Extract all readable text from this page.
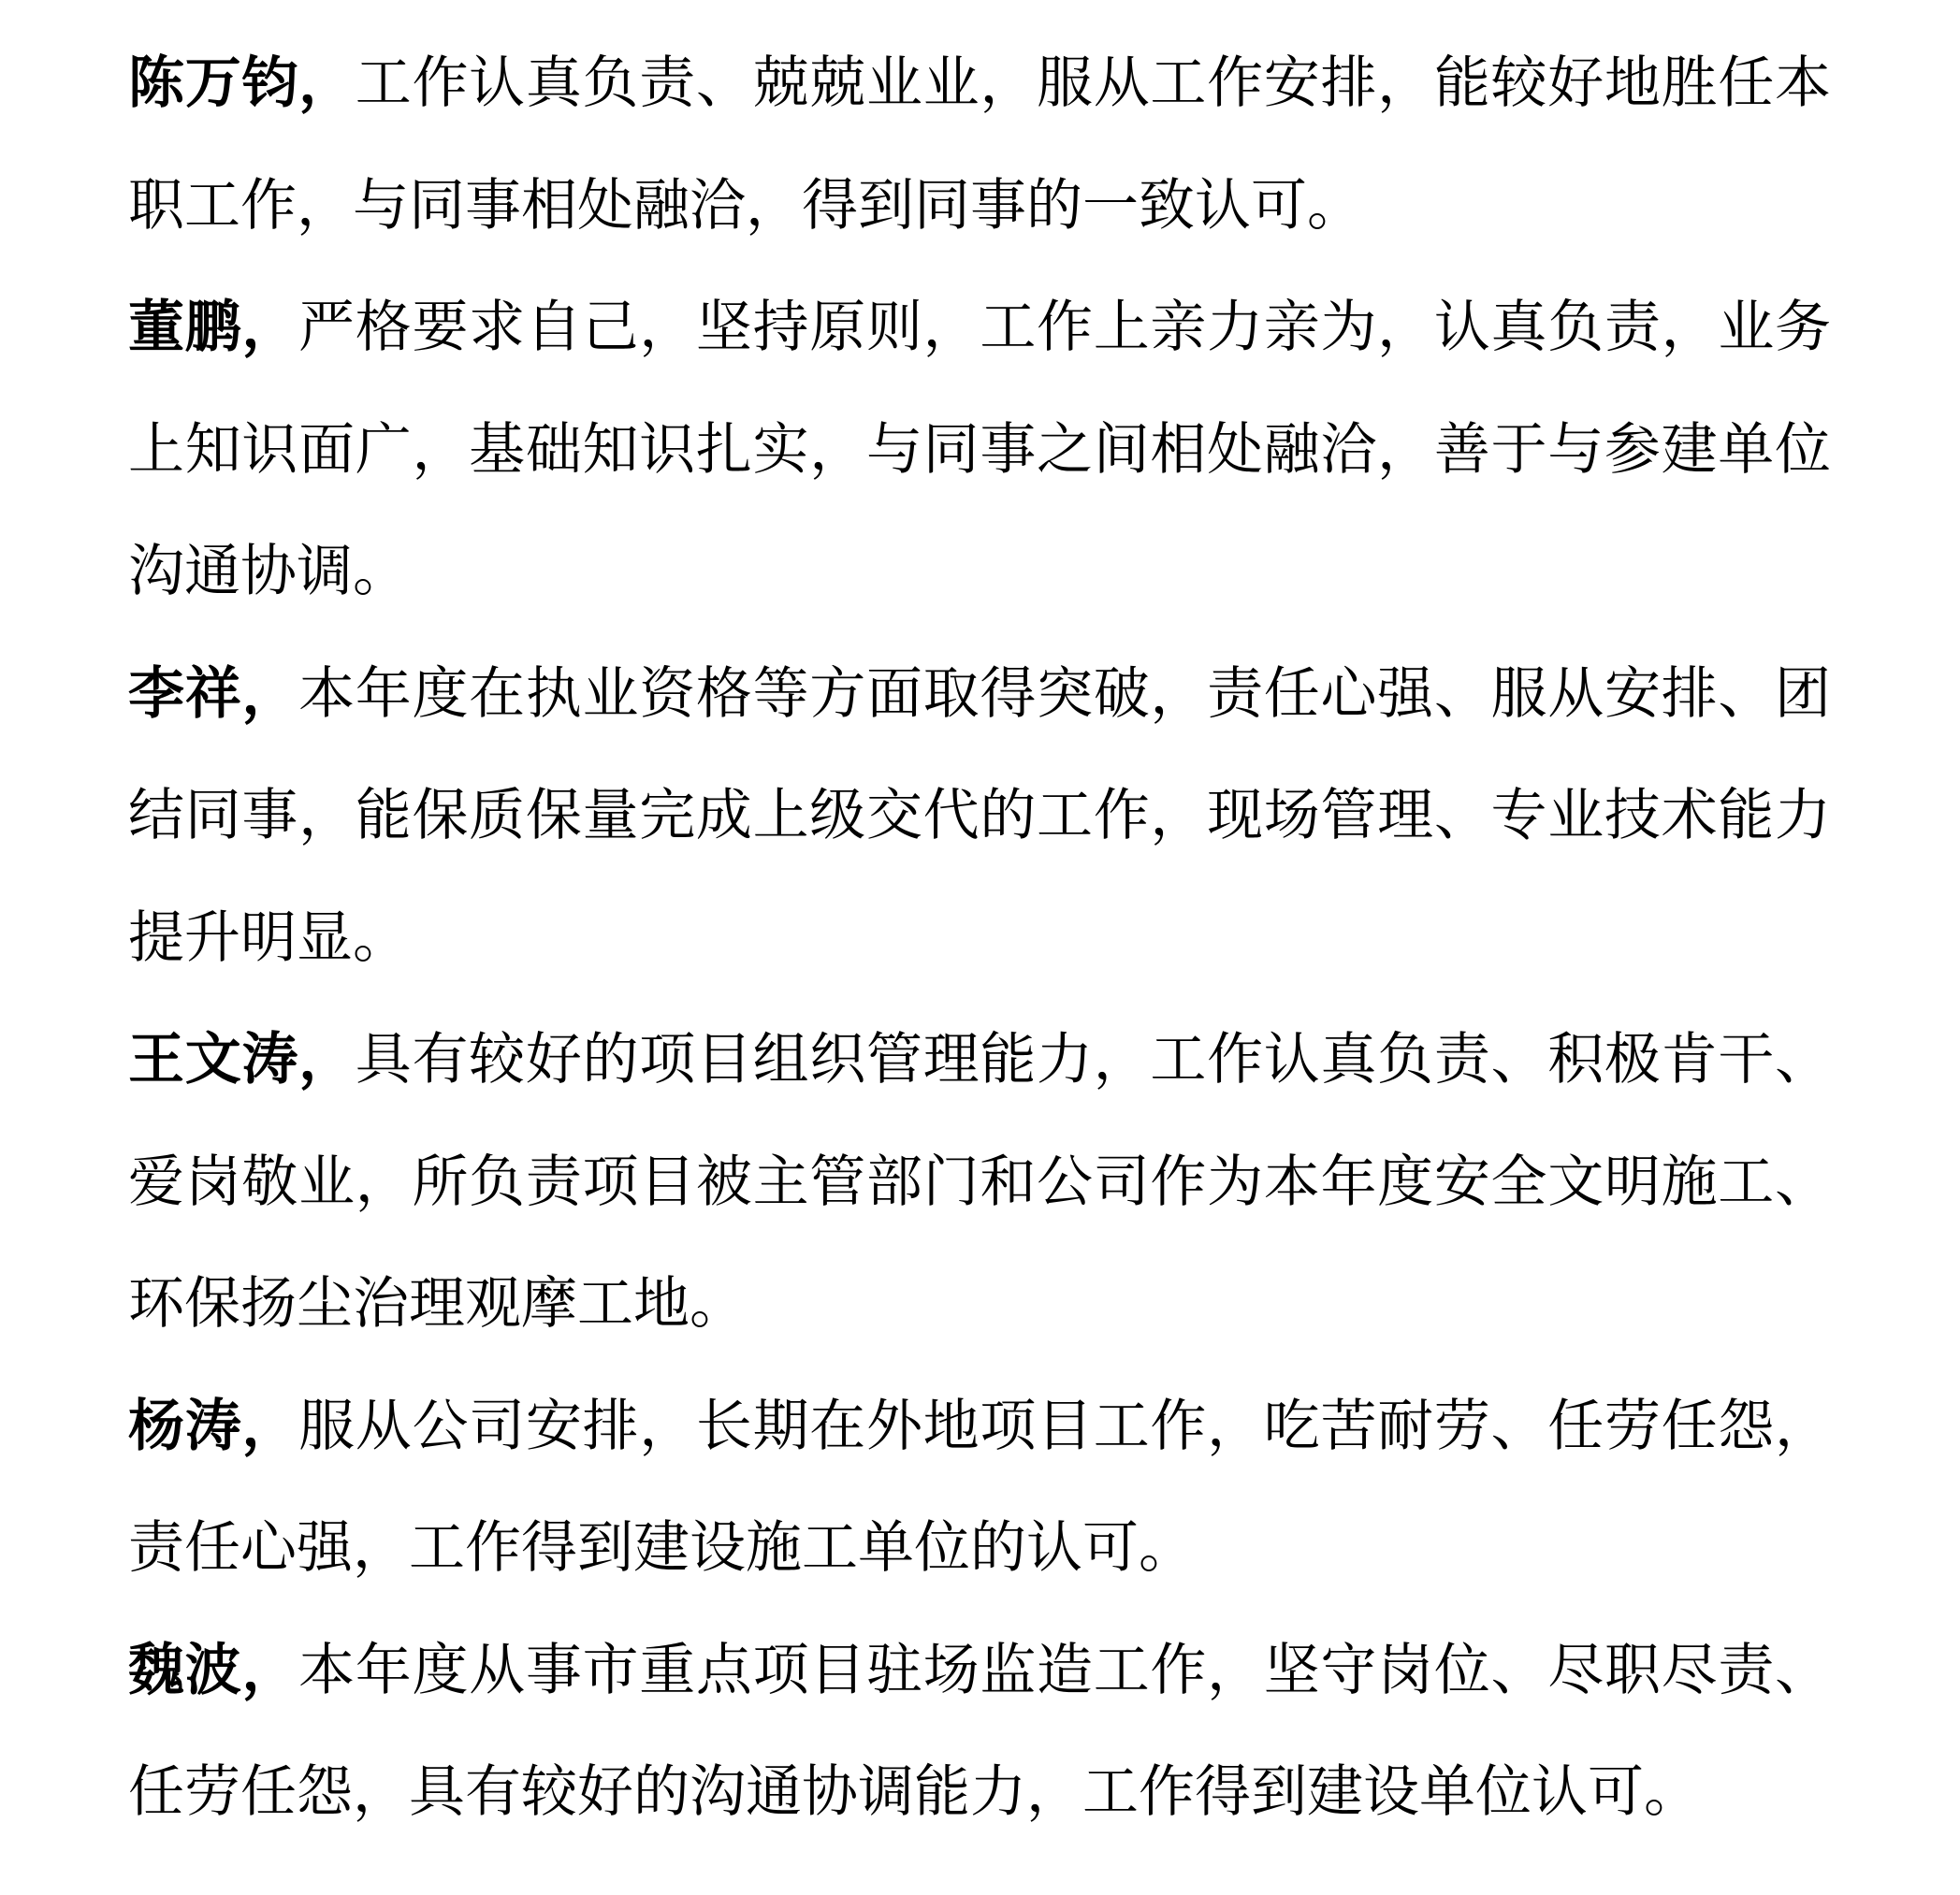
陈万钧，工作认真负责、兢兢业业，服从工作安排，能较好地胜任本职工作，与同事相处融洽，得到同事的一致认可。

董鹏，严格要求自己，坚持原则，工作上亲力亲为，认真负责，业务上知识面广，基础知识扎实，与同事之间相处融洽，善于与参建单位沟通协调。

李祥，本年度在执业资格等方面取得突破，责任心强、服从安排、团结同事，能保质保量完成上级交代的工作，现场管理、专业技术能力提升明显。

王文涛，具有较好的项目组织管理能力，工作认真负责、积极肯干、爱岗敬业，所负责项目被主管部门和公司作为本年度安全文明施工、环保扬尘治理观摩工地。

杨涛，服从公司安排，长期在外地项目工作，吃苦耐劳、任劳任怨，责任心强，工作得到建设施工单位的认可。

魏波，本年度从事市重点项目驻场监造工作，坚守岗位、尽职尽责、任劳任怨，具有较好的沟通协调能力，工作得到建设单位认可。
